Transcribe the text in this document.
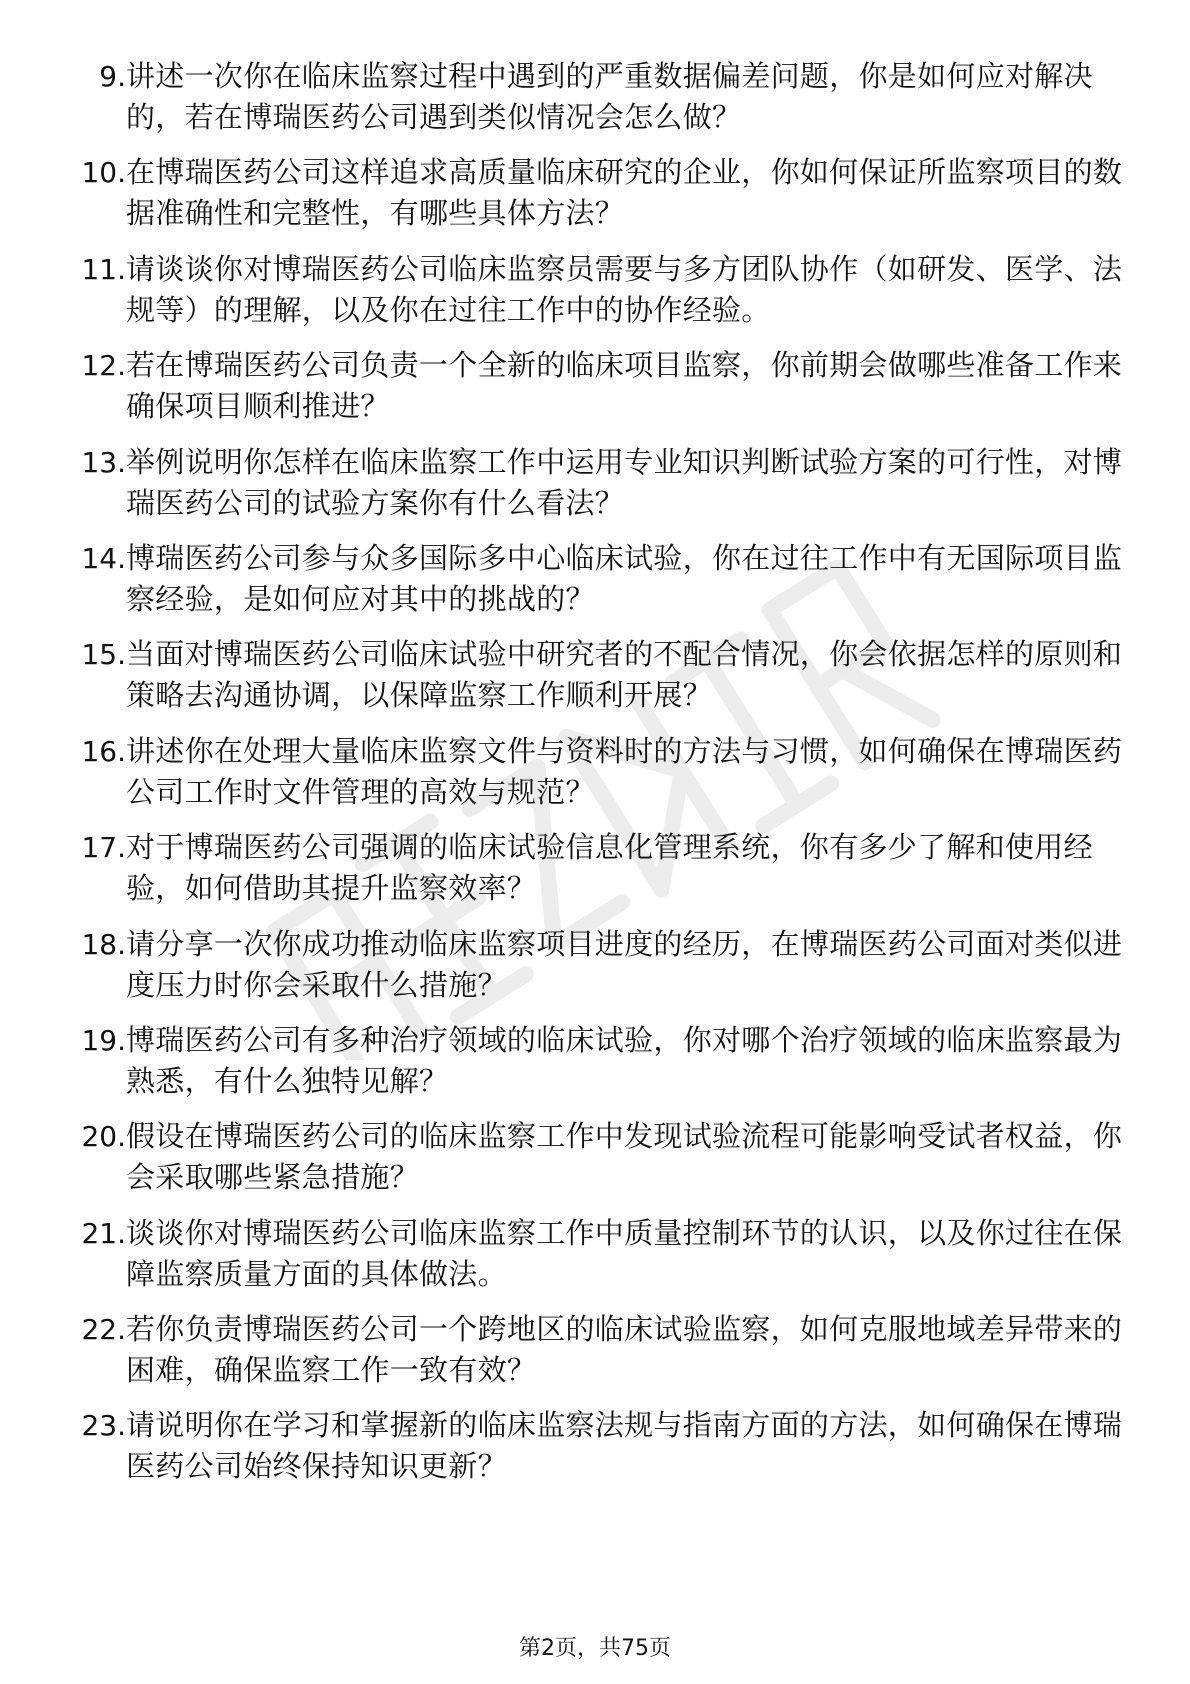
9. 讲述一次你在临床监察过程中遇到的严重数据偏差问题，你是如何应对解决的，若在博瑞医药公司遇到类似情况会怎么做？
10. 在博瑞医药公司这样追求高质量临床研究的企业，你如何保证所监察项目的数据准确性和完整性，有哪些具体方法？
11. 请谈谈你对博瑞医药公司临床监察员需要与多方团队协作（如研发、医学、法规等）的理解，以及你在过往工作中的协作经验。
12. 若在博瑞医药公司负责一个全新的临床项目监察，你前期会做哪些准备工作来确保项目顺利推进？
13. 举例说明你怎样在临床监察工作中运用专业知识判断试验方案的可行性，对博瑞医药公司的试验方案你有什么看法？
14. 博瑞医药公司参与众多国际多中心临床试验，你在过往工作中有无国际项目监察经验，是如何应对其中的挑战的？
15. 当面对博瑞医药公司临床试验中研究者的不配合情况，你会依据怎样的原则和策略去沟通协调，以保障监察工作顺利开展？
16. 讲述你在处理大量临床监察文件与资料时的方法与习惯，如何确保在博瑞医药公司工作时文件管理的高效与规范？
17. 对于博瑞医药公司强调的临床试验信息化管理系统，你有多少了解和使用经验，如何借助其提升监察效率？
18. 请分享一次你成功推动临床监察项目进度的经历，在博瑞医药公司面对类似进度压力时你会采取什么措施？
19. 博瑞医药公司有多种治疗领域的临床试验，你对哪个治疗领域的临床监察最为熟悉，有什么独特见解？
20. 假设在博瑞医药公司的临床监察工作中发现试验流程可能影响受试者权益，你会采取哪些紧急措施？
21. 谈谈你对博瑞医药公司临床监察工作中质量控制环节的认识，以及你过往在保障监察质量方面的具体做法。
22. 若你负责博瑞医药公司一个跨地区的临床试验监察，如何克服地域差异带来的困难，确保监察工作一致有效？
23. 请说明你在学习和掌握新的临床监察法规与指南方面的方法，如何确保在博瑞医药公司始终保持知识更新？
第2页，共75页
